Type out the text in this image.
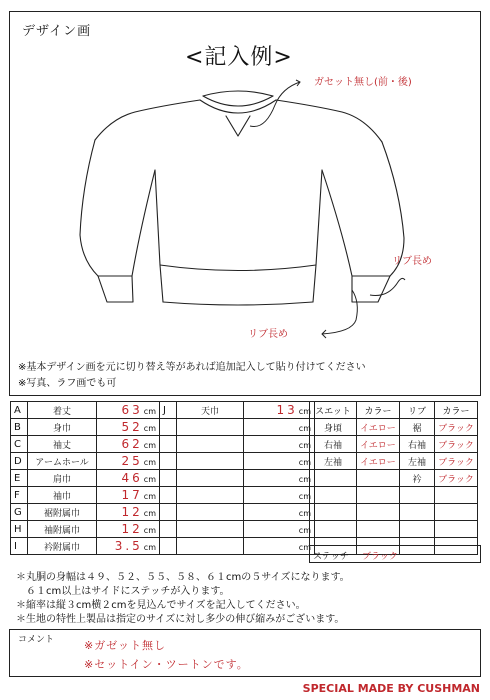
デザイン画
<記入例>
ガセット無し(前・後)
リブ長め
リブ長め
※基本デザイン画を元に切り替え等があれば追加記入して貼り付けてください
※写真、ラフ画でも可
A	着丈	63cm	J	天巾	13cm
B	身巾	52cm			cm
C	袖丈	62cm			cm
D	アームホール	25cm			cm
E	肩巾	46cm			cm
F	袖巾	17cm			cm
G	裾附属巾	12cm			cm
H	袖附属巾	12cm			cm
I	衿附属巾	3.5cm			cm
スエット	カラー	リブ	カラー
身頃	イエロー	裾	ブラック
右袖	イエロー	右袖	ブラック
左袖	イエロー	左袖	ブラック
		衿	ブラック

ステッチ ブラック
＊丸胴の身幅は４９、５２、５５、５８、６１cmの５サイズになります。
　６１cm以上はサイドにステッチが入ります。
＊縮率は縦３cm横２cmを見込んでサイズを記入してください。
＊生地の特性上製品は指定のサイズに対し多少の伸び縮みがございます。
コメント	※ガゼット無し
※セットイン・ツートンです。
SPECIAL MADE BY CUSHMAN
